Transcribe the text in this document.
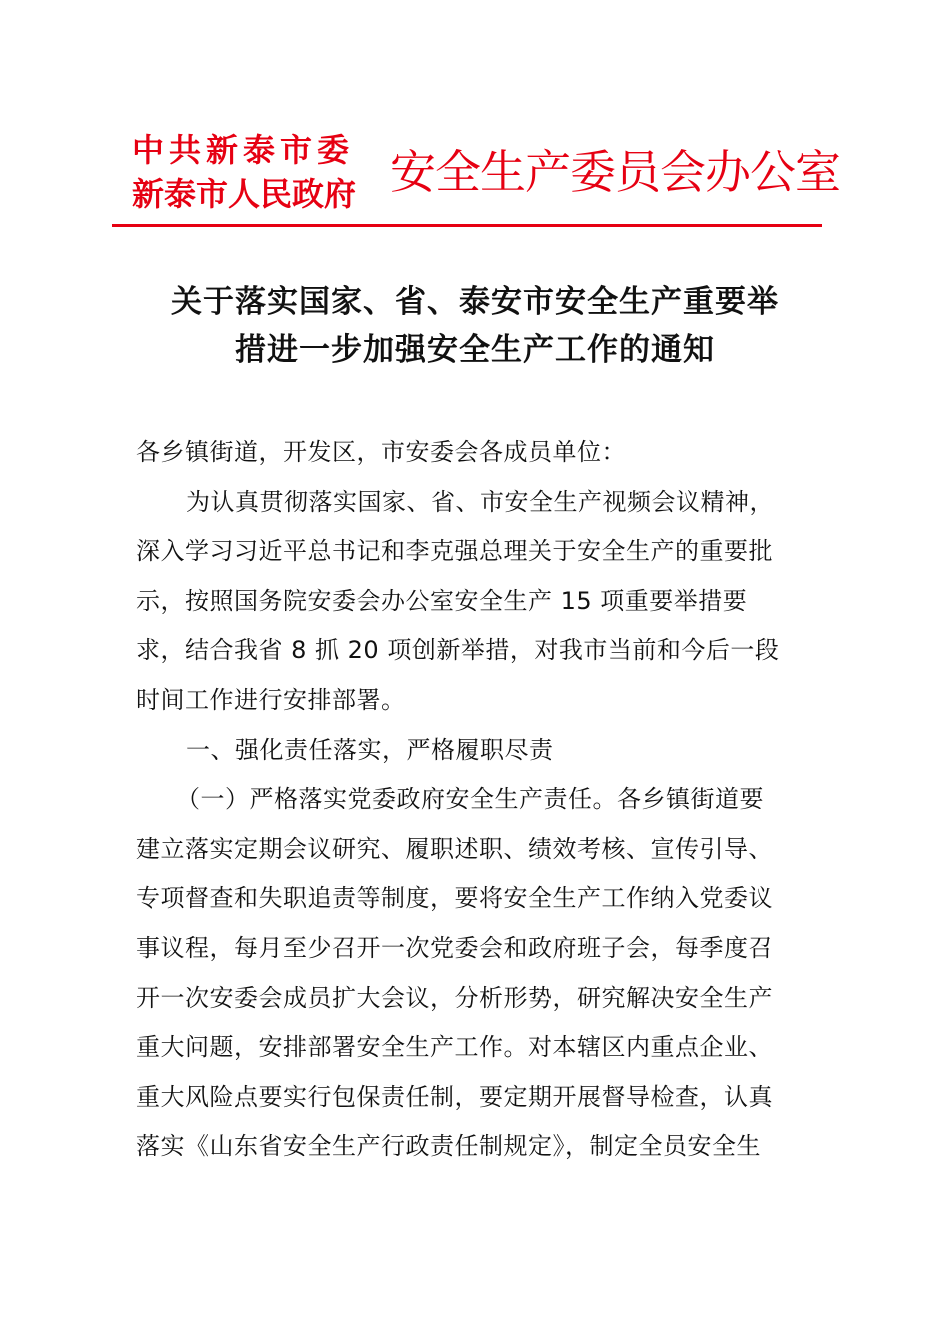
中共新泰市委
新泰市人民政府 安全生产委员会办公室
关于落实国家、省、泰安市安全生产重要举
措进一步加强安全生产工作的通知
各乡镇街道，开发区，市安委会各成员单位：
为认真贯彻落实国家、省、市安全生产视频会议精神，
深入学习习近平总书记和李克强总理关于安全生产的重要批
示，按照国务院安委会办公室安全生产 15 项重要举措要
求，结合我省 8 抓 20 项创新举措，对我市当前和今后一段
时间工作进行安排部署。
一、强化责任落实，严格履职尽责
（一）严格落实党委政府安全生产责任。各乡镇街道要
建立落实定期会议研究、履职述职、绩效考核、宣传引导、
专项督查和失职追责等制度，要将安全生产工作纳入党委议
事议程，每月至少召开一次党委会和政府班子会，每季度召
开一次安委会成员扩大会议，分析形势，研究解决安全生产
重大问题，安排部署安全生产工作。对本辖区内重点企业、
重大风险点要实行包保责任制，要定期开展督导检查，认真
落实《山东省安全生产行政责任制规定》，制定全员安全生
